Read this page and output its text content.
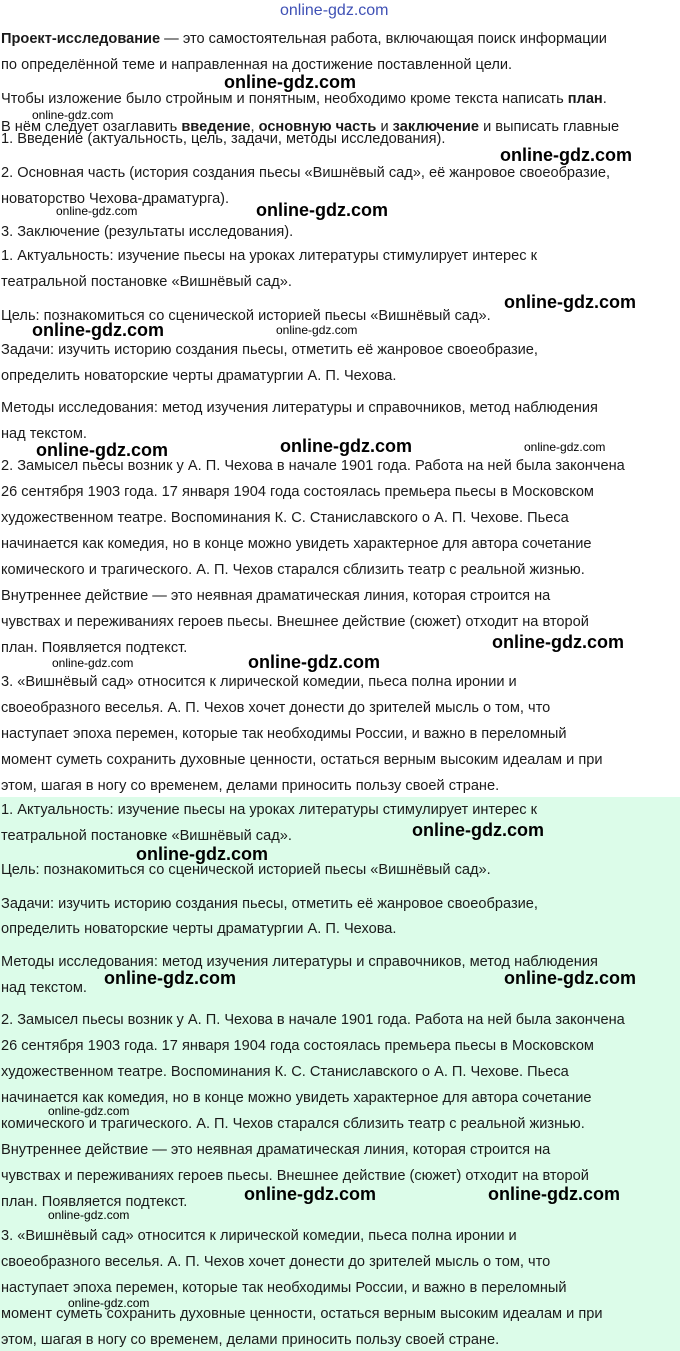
online-gdz.com
Проект-исследование — это самостоятельная работа, включающая поиск информации
по определённой теме и направленная на достижение поставленной цели.
Чтобы изложение было стройным и понятным, необходимо кроме текста написать план.
В нём следует озаглавить введение, основную часть и заключение и выписать главные
1. Введение (актуальность, цель, задачи, методы исследования).
2. Основная часть (история создания пьесы «Вишнёвый сад», её жанровое своеобразие,
новаторство Чехова-драматурга).
3. Заключение (результаты исследования).
1. Актуальность: изучение пьесы на уроках литературы стимулирует интерес к
театральной постановке «Вишнёвый сад».
Цель: познакомиться со сценической историей пьесы «Вишнёвый сад».
Задачи: изучить историю создания пьесы, отметить её жанровое своеобразие,
определить новаторские черты драматургии А. П. Чехова.
Методы исследования: метод изучения литературы и справочников, метод наблюдения
над текстом.
2. Замысел пьесы возник у А. П. Чехова в начале 1901 года. Работа на ней была закончена
26 сентября 1903 года. 17 января 1904 года состоялась премьера пьесы в Московском
художественном театре. Воспоминания К. С. Станиславского о А. П. Чехове. Пьеса
начинается как комедия, но в конце можно увидеть характерное для автора сочетание
комического и трагического. А. П. Чехов старался сблизить театр с реальной жизнью.
Внутреннее действие — это неявная драматическая линия, которая строится на
чувствах и переживаниях героев пьесы. Внешнее действие (сюжет) отходит на второй
план. Появляется подтекст.
3. «Вишнёвый сад» относится к лирической комедии, пьеса полна иронии и
своеобразного веселья. А. П. Чехов хочет донести до зрителей мысль о том, что
наступает эпоха перемен, которые так необходимы России, и важно в переломный
момент суметь сохранить духовные ценности, остаться верным высоким идеалам и при
этом, шагая в ногу со временем, делами приносить пользу своей стране.
1. Актуальность: изучение пьесы на уроках литературы стимулирует интерес к
театральной постановке «Вишнёвый сад».
Цель: познакомиться со сценической историей пьесы «Вишнёвый сад».
Задачи: изучить историю создания пьесы, отметить её жанровое своеобразие,
определить новаторские черты драматургии А. П. Чехова.
Методы исследования: метод изучения литературы и справочников, метод наблюдения
над текстом.
2. Замысел пьесы возник у А. П. Чехова в начале 1901 года. Работа на ней была закончена
26 сентября 1903 года. 17 января 1904 года состоялась премьера пьесы в Московском
художественном театре. Воспоминания К. С. Станиславского о А. П. Чехове. Пьеса
начинается как комедия, но в конце можно увидеть характерное для автора сочетание
комического и трагического. А. П. Чехов старался сблизить театр с реальной жизнью.
Внутреннее действие — это неявная драматическая линия, которая строится на
чувствах и переживаниях героев пьесы. Внешнее действие (сюжет) отходит на второй
план. Появляется подтекст.
3. «Вишнёвый сад» относится к лирической комедии, пьеса полна иронии и
своеобразного веселья. А. П. Чехов хочет донести до зрителей мысль о том, что
наступает эпоха перемен, которые так необходимы России, и важно в переломный
момент суметь сохранить духовные ценности, остаться верным высоким идеалам и при
этом, шагая в ногу со временем, делами приносить пользу своей стране.
online-gdz.com
online-gdz.com
online-gdz.com
online-gdz.com	online-gdz.com
online-gdz.com
online-gdz.com	online-gdz.com
online-gdz.com	online-gdz.com	online-gdz.com
online-gdz.com
online-gdz.com	online-gdz.com
online-gdz.com
online-gdz.com
online-gdz.com	online-gdz.com
online-gdz.com
online-gdz.com	online-gdz.com
online-gdz.com
online-gdz.com
